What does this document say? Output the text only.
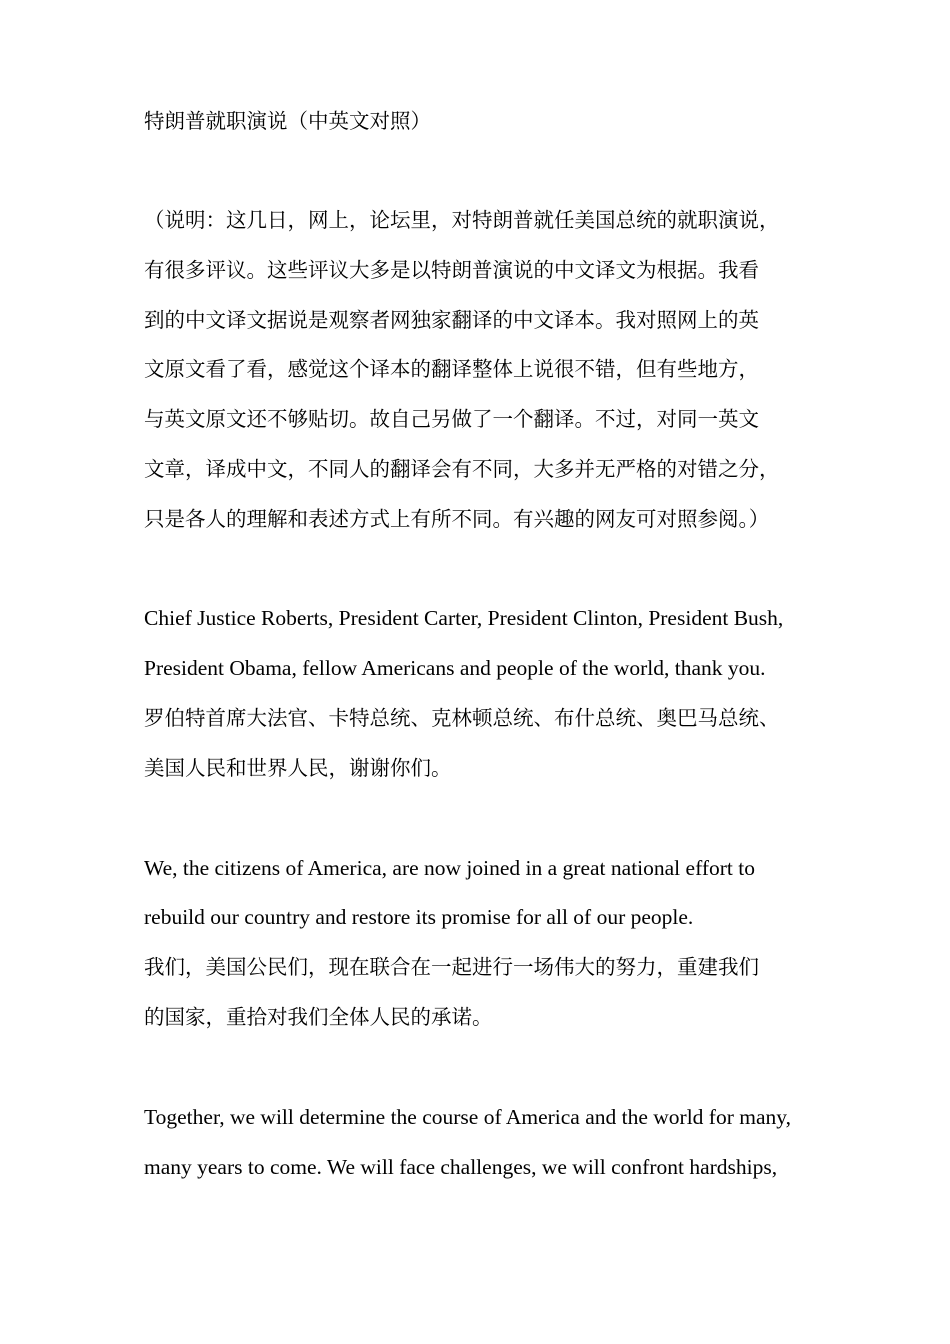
特朗普就职演说（中英文对照）
（说明：这几日，网上，论坛里，对特朗普就任美国总统的就职演说，
有很多评议。这些评议大多是以特朗普演说的中文译文为根据。我看
到的中文译文据说是观察者网独家翻译的中文译本。我对照网上的英
文原文看了看，感觉这个译本的翻译整体上说很不错，但有些地方，
与英文原文还不够贴切。故自己另做了一个翻译。不过，对同一英文
文章，译成中文，不同人的翻译会有不同，大多并无严格的对错之分，
只是各人的理解和表述方式上有所不同。有兴趣的网友可对照参阅。）
Chief Justice Roberts, President Carter, President Clinton, President Bush,
President Obama, fellow Americans and people of the world, thank you.
罗伯特首席大法官、卡特总统、克林顿总统、布什总统、奥巴马总统、
美国人民和世界人民，谢谢你们。
We, the citizens of America, are now joined in a great national effort to
rebuild our country and restore its promise for all of our people.
我们，美国公民们，现在联合在一起进行一场伟大的努力，重建我们
的国家，重拾对我们全体人民的承诺。
Together, we will determine the course of America and the world for many,
many years to come. We will face challenges, we will confront hardships,
